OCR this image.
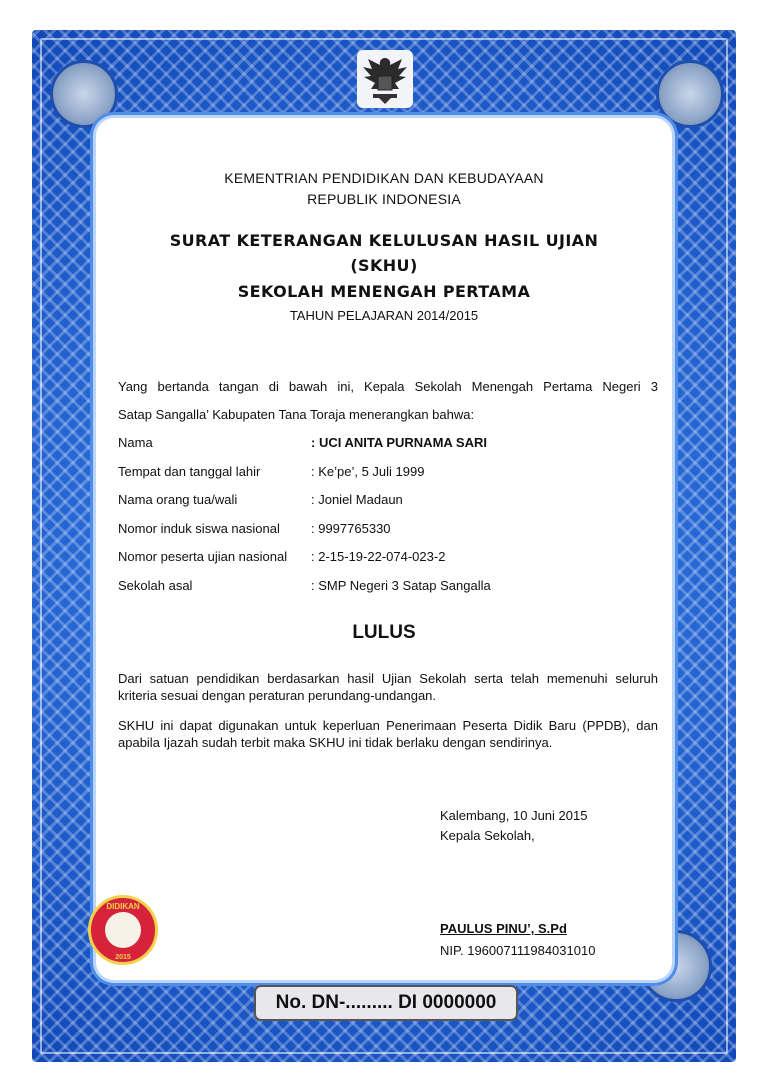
DIDIKAN
2015
No. DN-......... DI 0000000
KEMENTRIAN PENDIDIKAN DAN KEBUDAYAAN
REPUBLIK INDONESIA
SURAT KETERANGAN KELULUSAN HASIL UJIAN
(SKHU)
SEKOLAH MENENGAH PERTAMA
TAHUN PELAJARAN 2014/2015
Yang bertanda tangan di bawah ini, Kepala Sekolah Menengah Pertama Negeri 3
Satap Sangalla’ Kabupaten Tana Toraja menerangkan bahwa:
Nama	: UCI ANITA PURNAMA SARI
Tempat dan tanggal lahir	: Ke’pe’, 5 Juli 1999
Nama orang tua/wali	: Joniel Madaun
Nomor induk siswa nasional : 9997765330
Nomor peserta ujian nasional : 2-15-19-22-074-023-2
Sekolah asal	: SMP Negeri 3 Satap Sangalla
LULUS
Dari satuan pendidikan berdasarkan hasil Ujian Sekolah serta telah memenuhi seluruh kriteria sesuai dengan peraturan perundang-undangan.
SKHU ini dapat digunakan untuk keperluan Penerimaan Peserta Didik Baru (PPDB), dan apabila Ijazah sudah terbit maka SKHU ini tidak berlaku dengan sendirinya.
Kalembang, 10 Juni 2015
Kepala Sekolah,
PAULUS PINU’, S.Pd
NIP. 196007111984031010
